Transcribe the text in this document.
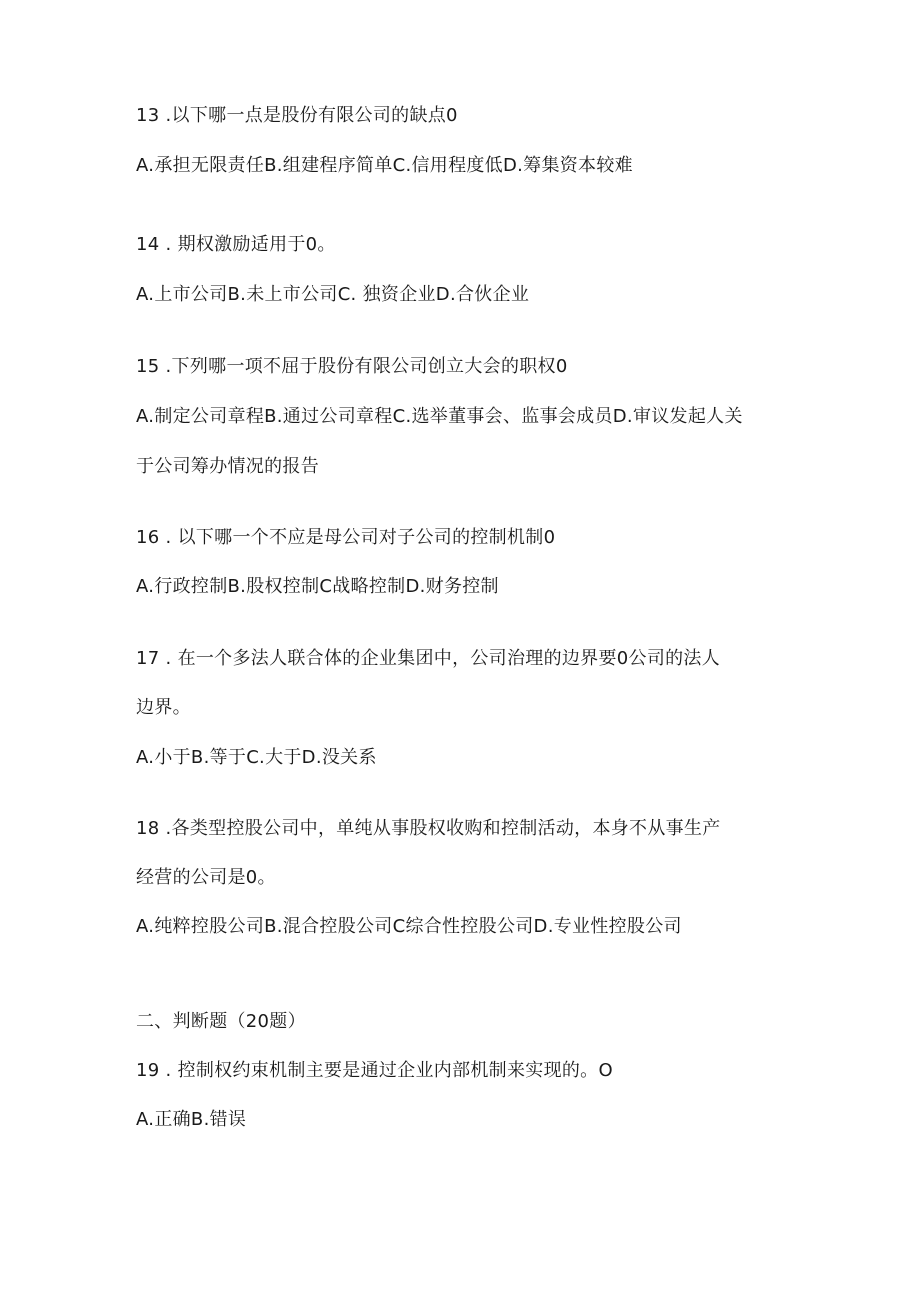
13 .以下哪一点是股份有限公司的缺点0
A.承担无限责任B.组建程序简单C.信用程度低D.筹集资本较难
14 . 期权激励适用于0。
A.上市公司B.未上市公司C. 独资企业D.合伙企业
15 .下列哪一项不屈于股份有限公司创立大会的职权0
A.制定公司章程B.通过公司章程C.选举董事会、监事会成员D.审议发起人关
于公司筹办情况的报告
16 . 以下哪一个不应是母公司对子公司的控制机制0
A.行政控制B.股权控制C战略控制D.财务控制
17 . 在一个多法人联合体的企业集团中，公司治理的边界要0公司的法人
边界。
A.小于B.等于C.大于D.没关系
18 .各类型控股公司中，单纯从事股权收购和控制活动，本身不从事生产
经营的公司是0。
A.纯粹控股公司B.混合控股公司C综合性控股公司D.专业性控股公司
二、判断题（20题）
19 . 控制权约束机制主要是通过企业内部机制来实现的。O
A.正确B.错误
